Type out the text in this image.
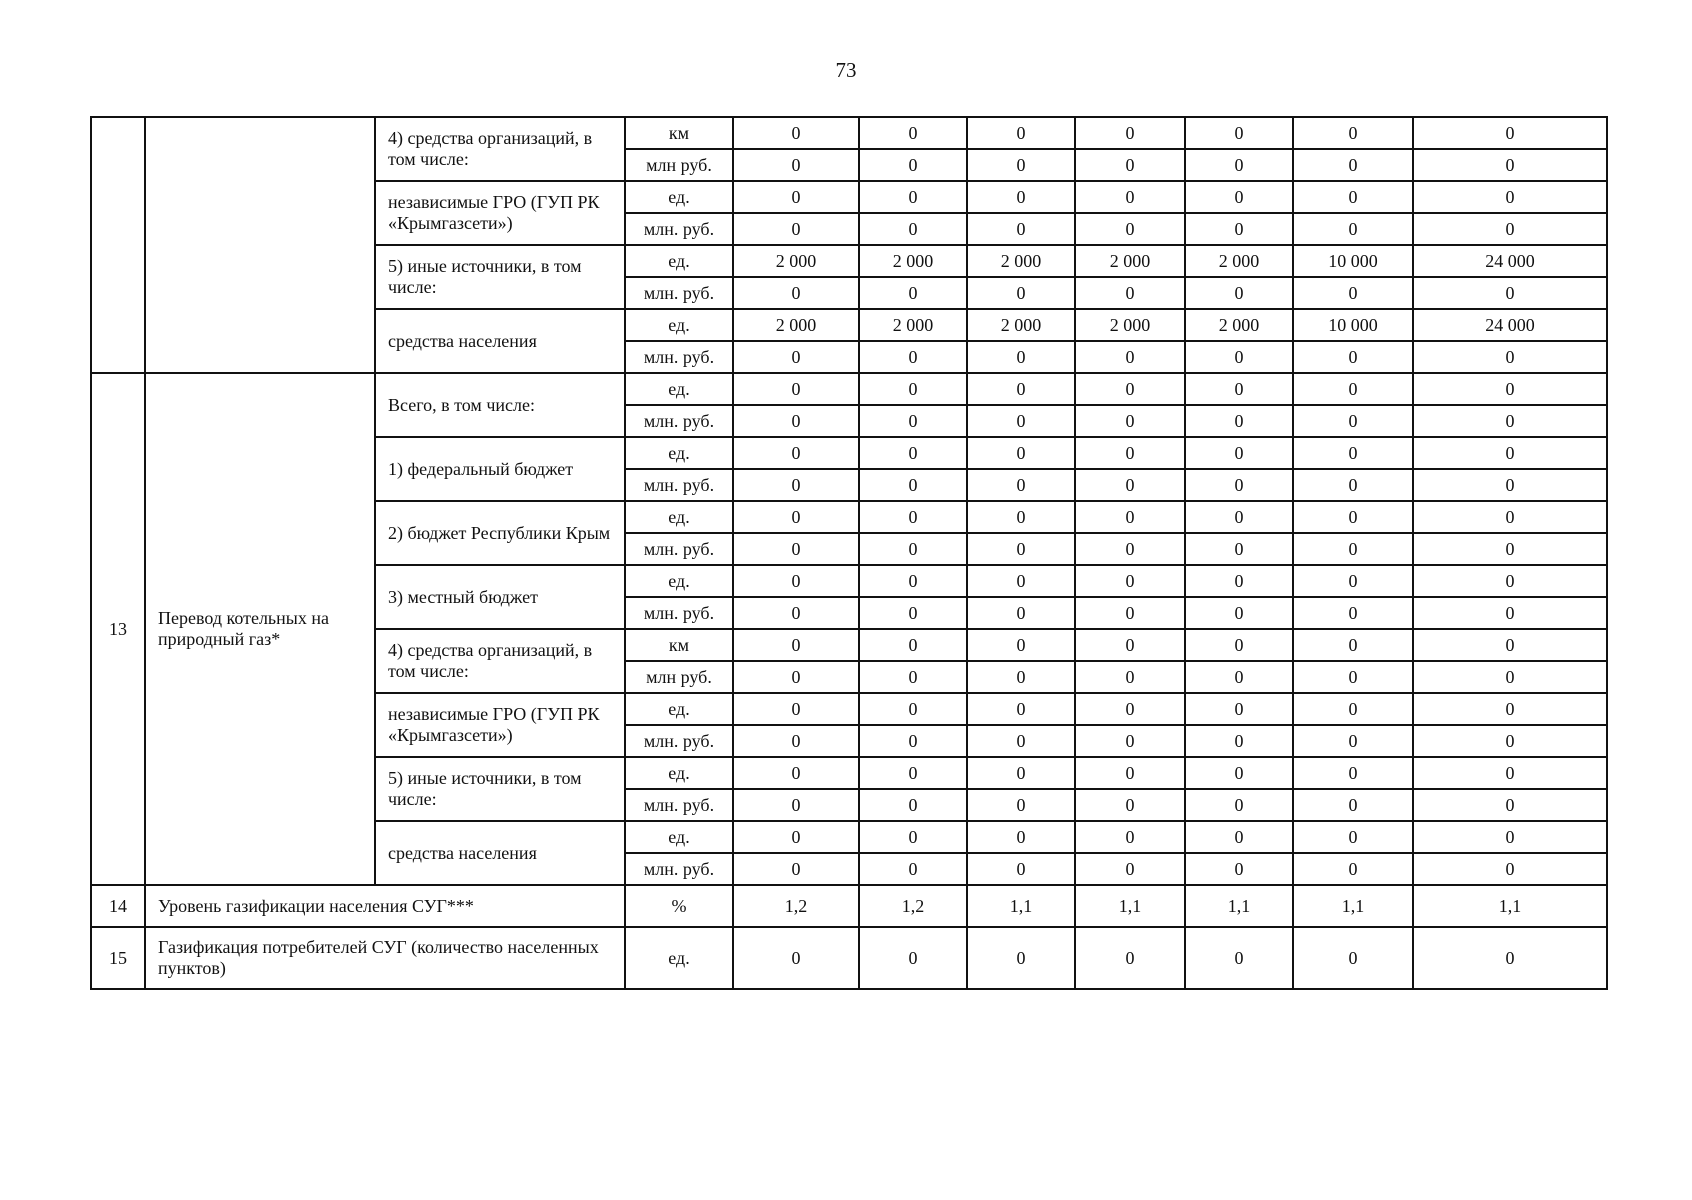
73
		4) средства организаций, в том числе:	км	0	0	0	0	0	0	0
			млн руб.	0	0	0	0	0	0	0
		независимые ГРО (ГУП РК «Крымгазсети»)	ед.	0	0	0	0	0	0	0
			млн. руб.	0	0	0	0	0	0	0
		5) иные источники, в том числе:	ед.	2 000	2 000	2 000	2 000	2 000	10 000	24 000
			млн. руб.	0	0	0	0	0	0	0
		средства населения	ед.	2 000	2 000	2 000	2 000	2 000	10 000	24 000
			млн. руб.	0	0	0	0	0	0	0
13	Перевод котельных на природный газ*	Всего, в том числе:	ед.	0	0	0	0	0	0	0
			млн. руб.	0	0	0	0	0	0	0
		1) федеральный бюджет	ед.	0	0	0	0	0	0	0
			млн. руб.	0	0	0	0	0	0	0
		2) бюджет Республики Крым	ед.	0	0	0	0	0	0	0
			млн. руб.	0	0	0	0	0	0	0
		3) местный бюджет	ед.	0	0	0	0	0	0	0
			млн. руб.	0	0	0	0	0	0	0
		4) средства организаций, в том числе:	км	0	0	0	0	0	0	0
			млн руб.	0	0	0	0	0	0	0
		независимые ГРО (ГУП РК «Крымгазсети»)	ед.	0	0	0	0	0	0	0
			млн. руб.	0	0	0	0	0	0	0
		5) иные источники, в том числе:	ед.	0	0	0	0	0	0	0
			млн. руб.	0	0	0	0	0	0	0
		средства населения	ед.	0	0	0	0	0	0	0
			млн. руб.	0	0	0	0	0	0	0
14	Уровень газификации населения СУГ***		%	1,2	1,2	1,1	1,1	1,1	1,1	1,1
15	Газификация потребителей СУГ (количество населенных пунктов)		ед.	0	0	0	0	0	0	0
